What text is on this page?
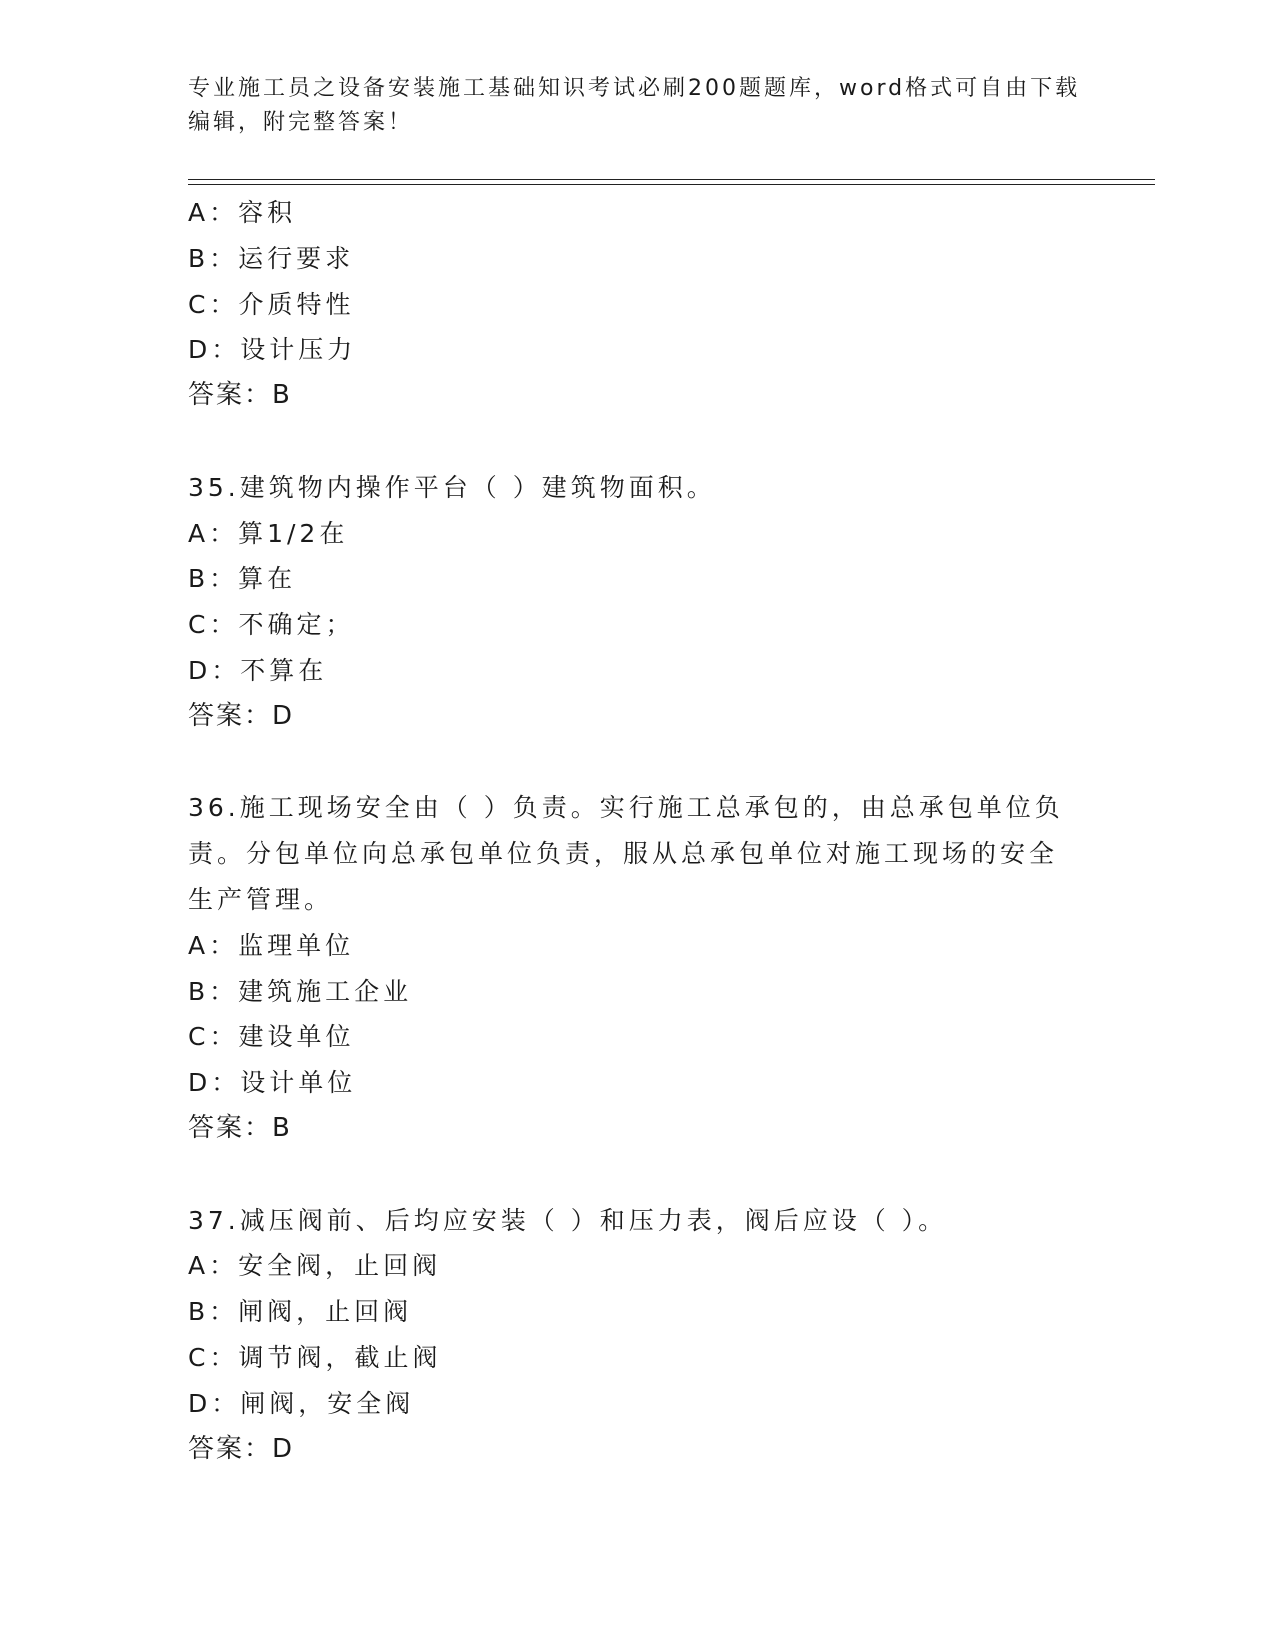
专业施工员之设备安装施工基础知识考试必刷200题题库，word格式可自由下载
编辑，附完整答案！
A：容积
B：运行要求
C：介质特性
D：设计压力
答案：B
35.建筑物内操作平台（ ）建筑物面积。
A：算1/2在
B：算在
C：不确定；
D：不算在
答案：D
36.施工现场安全由（ ）负责。实行施工总承包的，由总承包单位负
责。分包单位向总承包单位负责，服从总承包单位对施工现场的安全
生产管理。
A：监理单位
B：建筑施工企业
C：建设单位
D：设计单位
答案：B
37.减压阀前、后均应安装（ ）和压力表，阀后应设（ ）。
A：安全阀，止回阀
B：闸阀，止回阀
C：调节阀，截止阀
D：闸阀，安全阀
答案：D
